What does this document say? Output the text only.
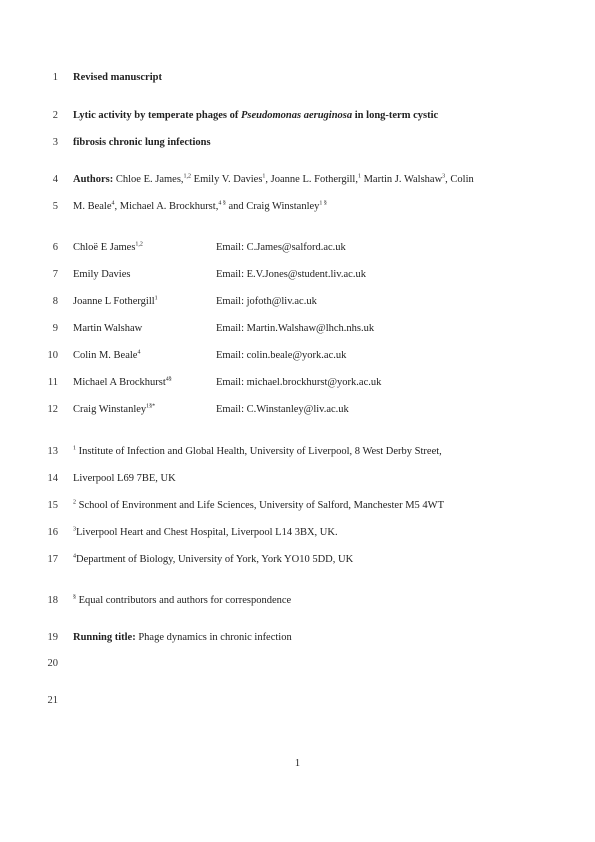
1
2
3
4
5
6
7
8
9
10
11
12
13
14
15
16
17
18
19
20
21
Revised manuscript
Lytic activity by temperate phages of Pseudomonas aeruginosa in long-term cystic
fibrosis chronic lung infections
Authors: Chloe E. James,$^{1,2}$ Emily V. Davies$^1$, Joanne L. Fothergill,$^1$ Martin J. Walshaw$^3$, Colin
M. Beale$^4$, Michael A. Brockhurst,$^{4 \S}$ and Craig Winstanley$^{1 \S}$
Chloë E James$^{1,2}$	Email: C.James@salford.ac.uk
Emily Davies	Email: E.V.Jones@student.liv.ac.uk
Joanne L Fothergill$^1$	Email: jofoth@liv.ac.uk
Martin Walshaw	Email: Martin.Walshaw@lhch.nhs.uk
Colin M. Beale$^4$	Email: colin.beale@york.ac.uk
Michael A Brockhurst$^{4\S}$	Email: michael.brockhurst@york.ac.uk
Craig Winstanley$^{1\S*}$	Email: C.Winstanley@liv.ac.uk
$^1$ Institute of Infection and Global Health, University of Liverpool, 8 West Derby Street,
Liverpool L69 7BE, UK
$^2$ School of Environment and Life Sciences, University of Salford, Manchester M5 4WT
$^3$Liverpool Heart and Chest Hospital, Liverpool L14 3BX, UK.
$^4$Department of Biology, University of York, York YO10 5DD, UK
§ Equal contributors and authors for correspondence
Running title: Phage dynamics in chronic infection
1
